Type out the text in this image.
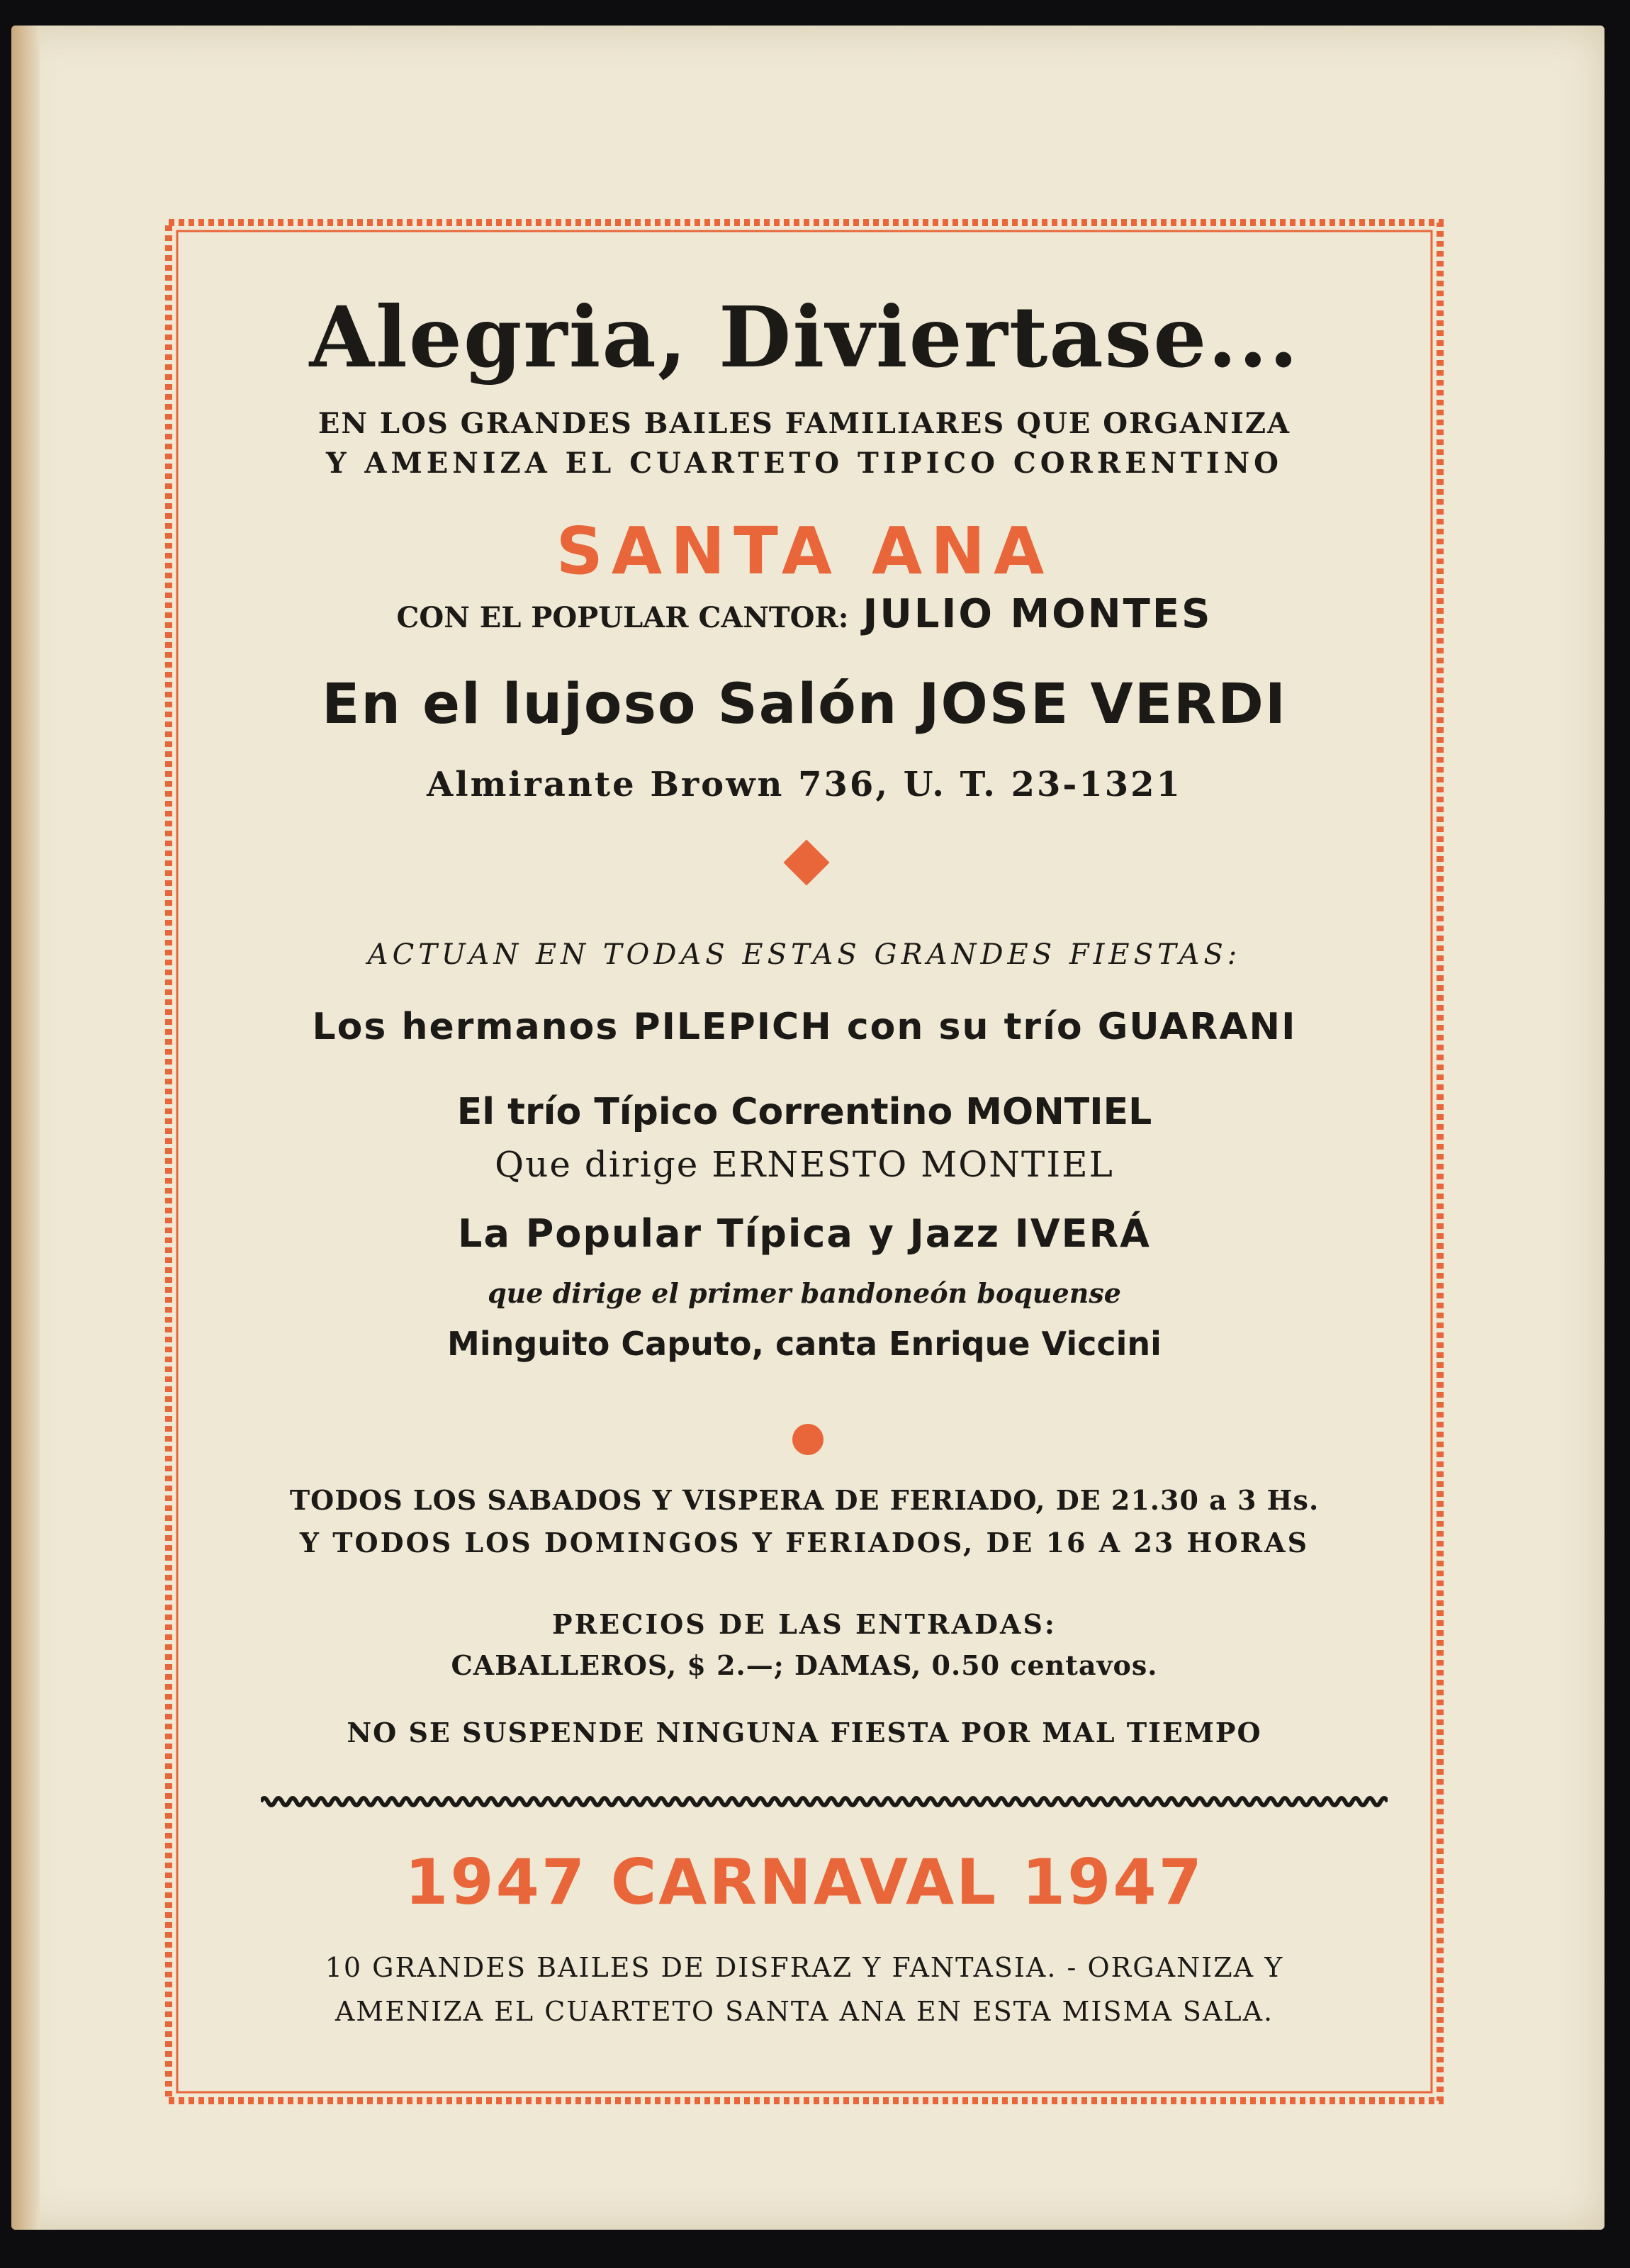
Alegria, Diviertase...
EN LOS GRANDES BAILES FAMILIARES QUE ORGANIZA
Y AMENIZA EL CUARTETO TIPICO CORRENTINO
SANTA ANA
CON EL POPULAR CANTOR: JULIO MONTES
En el lujoso Salón JOSE VERDI
Almirante Brown 736, U. T. 23-1321
ACTUAN EN TODAS ESTAS GRANDES FIESTAS:
Los hermanos PILEPICH con su trío GUARANI
El trío Típico Correntino MONTIEL
Que dirige ERNESTO MONTIEL
La Popular Típica y Jazz IVERÁ
que dirige el primer bandoneón boquense
Minguito Caputo, canta Enrique Viccini
TODOS LOS SABADOS Y VISPERA DE FERIADO, DE 21.30 a 3 Hs.
Y TODOS LOS DOMINGOS Y FERIADOS, DE 16 A 23 HORAS
PRECIOS DE LAS ENTRADAS:
CABALLEROS, $ 2.—; DAMAS, 0.50 centavos.
NO SE SUSPENDE NINGUNA FIESTA POR MAL TIEMPO
1947 CARNAVAL 1947
10 GRANDES BAILES DE DISFRAZ Y FANTASIA. - ORGANIZA Y
AMENIZA EL CUARTETO SANTA ANA EN ESTA MISMA SALA.
